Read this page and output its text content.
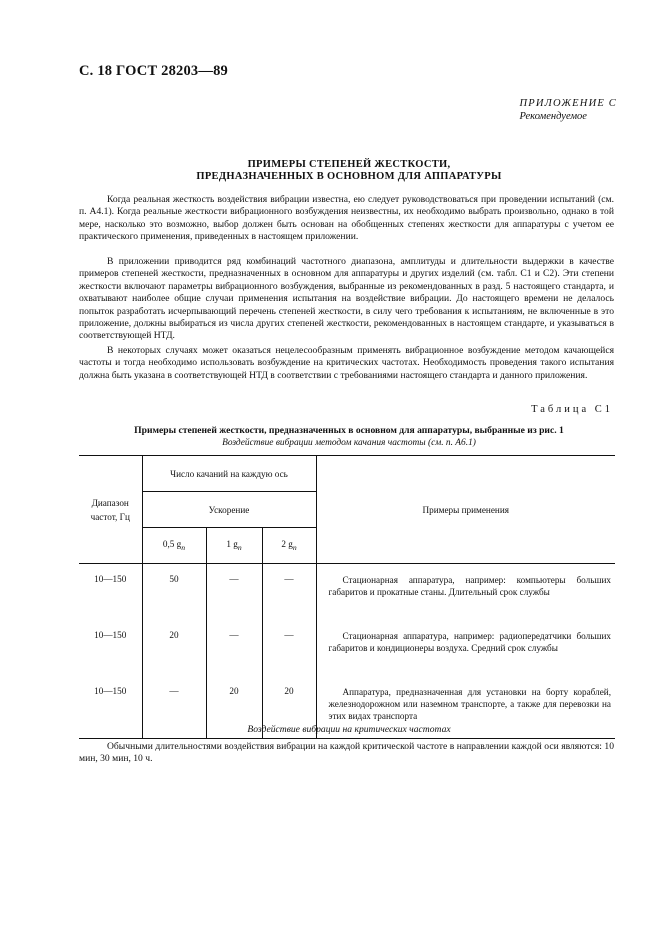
С. 18 ГОСТ 28203—89
ПРИЛОЖЕНИЕ С
Рекомендуемое
ПРИМЕРЫ СТЕПЕНЕЙ ЖЕСТКОСТИ,
ПРЕДНАЗНАЧЕННЫХ В ОСНОВНОМ ДЛЯ АППАРАТУРЫ

Когда реальная жесткость воздействия вибрации известна, ею следует руководствоваться при проведении испытаний (см. п. А4.1). Когда реальные жесткости вибрационного возбуждения неизвестны, их необходимо выбрать произвольно, однако в той мере, насколько это возможно, выбор должен быть основан на обобщенных степенях жесткости для аппаратуры с учетом ее практического применения, приведенных в настоящем приложении.

В приложении приводится ряд комбинаций частотного диапазона, амплитуды и длительности выдержки в качестве примеров степеней жесткости, предназначенных в основном для аппаратуры и других изделий (см. табл. С1 и С2). Эти степени жесткости включают параметры вибрационного возбуждения, выбранные из рекомендованных в разд. 5 настоящего стандарта, и охватывают наиболее общие случаи применения испытания на воздействие вибрации. До настоящего времени не делалось попыток разработать исчерпывающий перечень степеней жесткости, в силу чего требования к испытаниям, не включенные в это приложение, должны выбираться из числа других степеней жесткости, рекомендованных в настоящем стандарте, и указываться в соответствующей НТД.

В некоторых случаях может оказаться нецелесообразным применять вибрационное возбуждение методом качающейся частоты и тогда необходимо использовать возбуждение на критических частотах. Необходимость проведения такого испытания должна быть указана в соответствующей НТД в соответствии с требованиями настоящего стандарта и данного приложения.

Таблица С1
Примеры степеней жесткости, предназначенных в основном для аппаратуры, выбранные из рис. 1
Воздействие вибрации методом качания частоты (см. п. А6.1)
Диапазон частот, Гц	Число качаний на каждую ось			Примеры применения
	Ускорение			
	0,5 $g_n$	1 $g_n$	2 $g_n$
10—150	50	—	—	Стационарная аппаратура, например: компьютеры больших габаритов и прокатные станы. Длительный срок службы

10—150	20	—	—	Стационарная аппаратура, например: радиопередатчики больших габаритов и кондиционеры воздуха. Средний срок службы

10—150	—	20	20	Аппаратура, предназначенная для установки на борту кораблей, железнодорожном или наземном транспорте, а также для перевозки на этих видах транспорта
Воздействие вибрации на критических частотах

Обычными длительностями воздействия вибрации на каждой критической частоте в направлении каждой оси являются: 10 мин, 30 мин, 10 ч.
